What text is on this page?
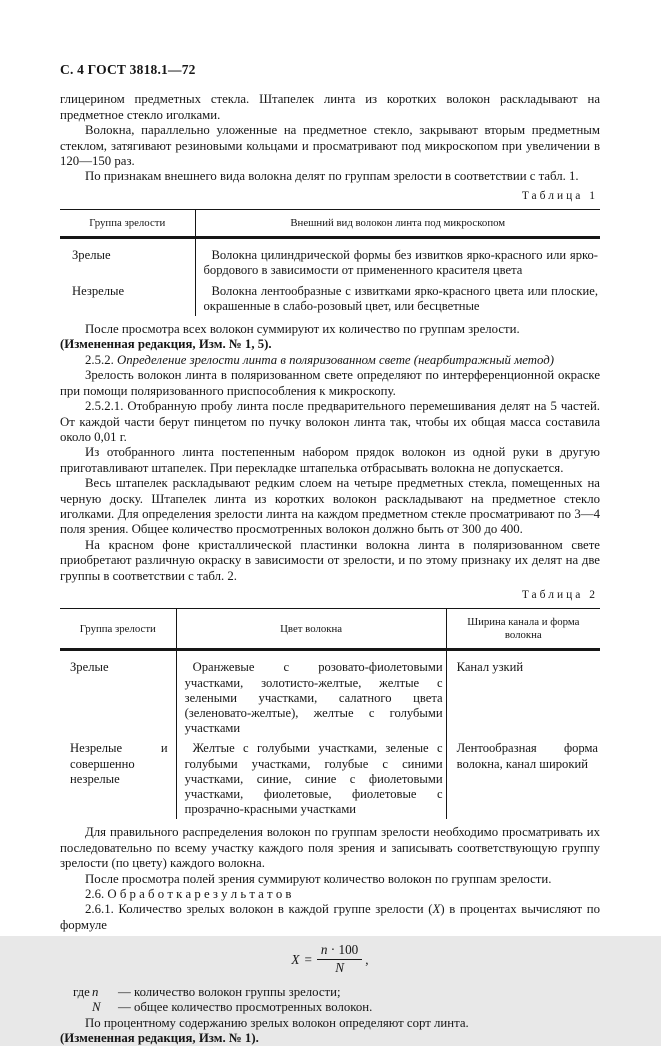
С. 4 ГОСТ 3818.1—72

глицерином предметных стекла. Штапелек линта из коротких волокон раскладывают на предметное стекло иголками.

Волокна, параллельно уложенные на предметное стекло, закрывают вторым предметным стеклом, затягивают резиновыми кольцами и просматривают под микроскопом при увеличении в 120—150 раз.

По признакам внешнего вида волокна делят по группам зрелости в соответствии с табл. 1.

Таблица 1
Группа зрелости	Внешний вид волокон линта под микроскопом
Зрелые	Волокна цилиндрической формы без извитков ярко-красного или ярко-бордового в зависимости от примененного красителя цвета
Незрелые	Волокна лентообразные с извитками ярко-красного цвета или плоские, окрашенные в слабо-розовый цвет, или бесцветные

После просмотра всех волокон суммируют их количество по группам зрелости.

(Измененная редакция, Изм. № 1, 5).

2.5.2. Определение зрелости линта в поляризованном свете (неарбитражный метод)

Зрелость волокон линта в поляризованном свете определяют по интерференционной окраске при помощи поляризованного приспособления к микроскопу.

2.5.2.1. Отобранную пробу линта после предварительного перемешивания делят на 5 частей. От каждой части берут пинцетом по пучку волокон линта так, чтобы их общая масса составила около 0,01 г.

Из отобранного линта постепенным набором прядок волокон из одной руки в другую приготавливают штапелек. При перекладке штапелька отбрасывать волокна не допускается.

Весь штапелек раскладывают редким слоем на четыре предметных стекла, помещенных на черную доску. Штапелек линта из коротких волокон раскладывают на предметное стекло иголками. Для определения зрелости линта на каждом предметном стекле просматривают по 3—4 поля зрения. Общее количество просмотренных волокон должно быть от 300 до 400.

На красном фоне кристаллической пластинки волокна линта в поляризованном свете приобретают различную окраску в зависимости от зрелости, и по этому признаку их делят на две группы в соответствии с табл. 2.

Таблица 2
Группа зрелости	Цвет волокна	Ширина канала и форма волокна
Зрелые	Оранжевые с розовато-фиолетовыми участками, золотисто-желтые, желтые с зелеными участками, салатного цвета (зеленовато-желтые), желтые с голубыми участками	Канал узкий
Незрелые и совершенно незрелые	Желтые с голубыми участками, зеленые с голубыми участками, голубые с синими участками, синие, синие с фиолетовыми участками, фиолетовые, фиолетовые с прозрачно-красными участками	Лентообразная форма волокна, канал широкий

Для правильного распределения волокон по группам зрелости необходимо просматривать их последовательно по всему участку каждого поля зрения и записывать соответствующую группу зрелости (по цвету) каждого волокна.

После просмотра полей зрения суммируют количество волокон по группам зрелости.

2.6. О б р а б о т к а р е з у л ь т а т о в

2.6.1. Количество зрелых волокон в каждой группе зрелости (X) в процентах вычисляют по формуле

$X = \frac{n \cdot 100}{N}$ ,
где n	— количество волокон группы зрелости;
N	— общее количество просмотренных волокон.

По процентному содержанию зрелых волокон определяют сорт линта.

(Измененная редакция, Изм. № 1).
